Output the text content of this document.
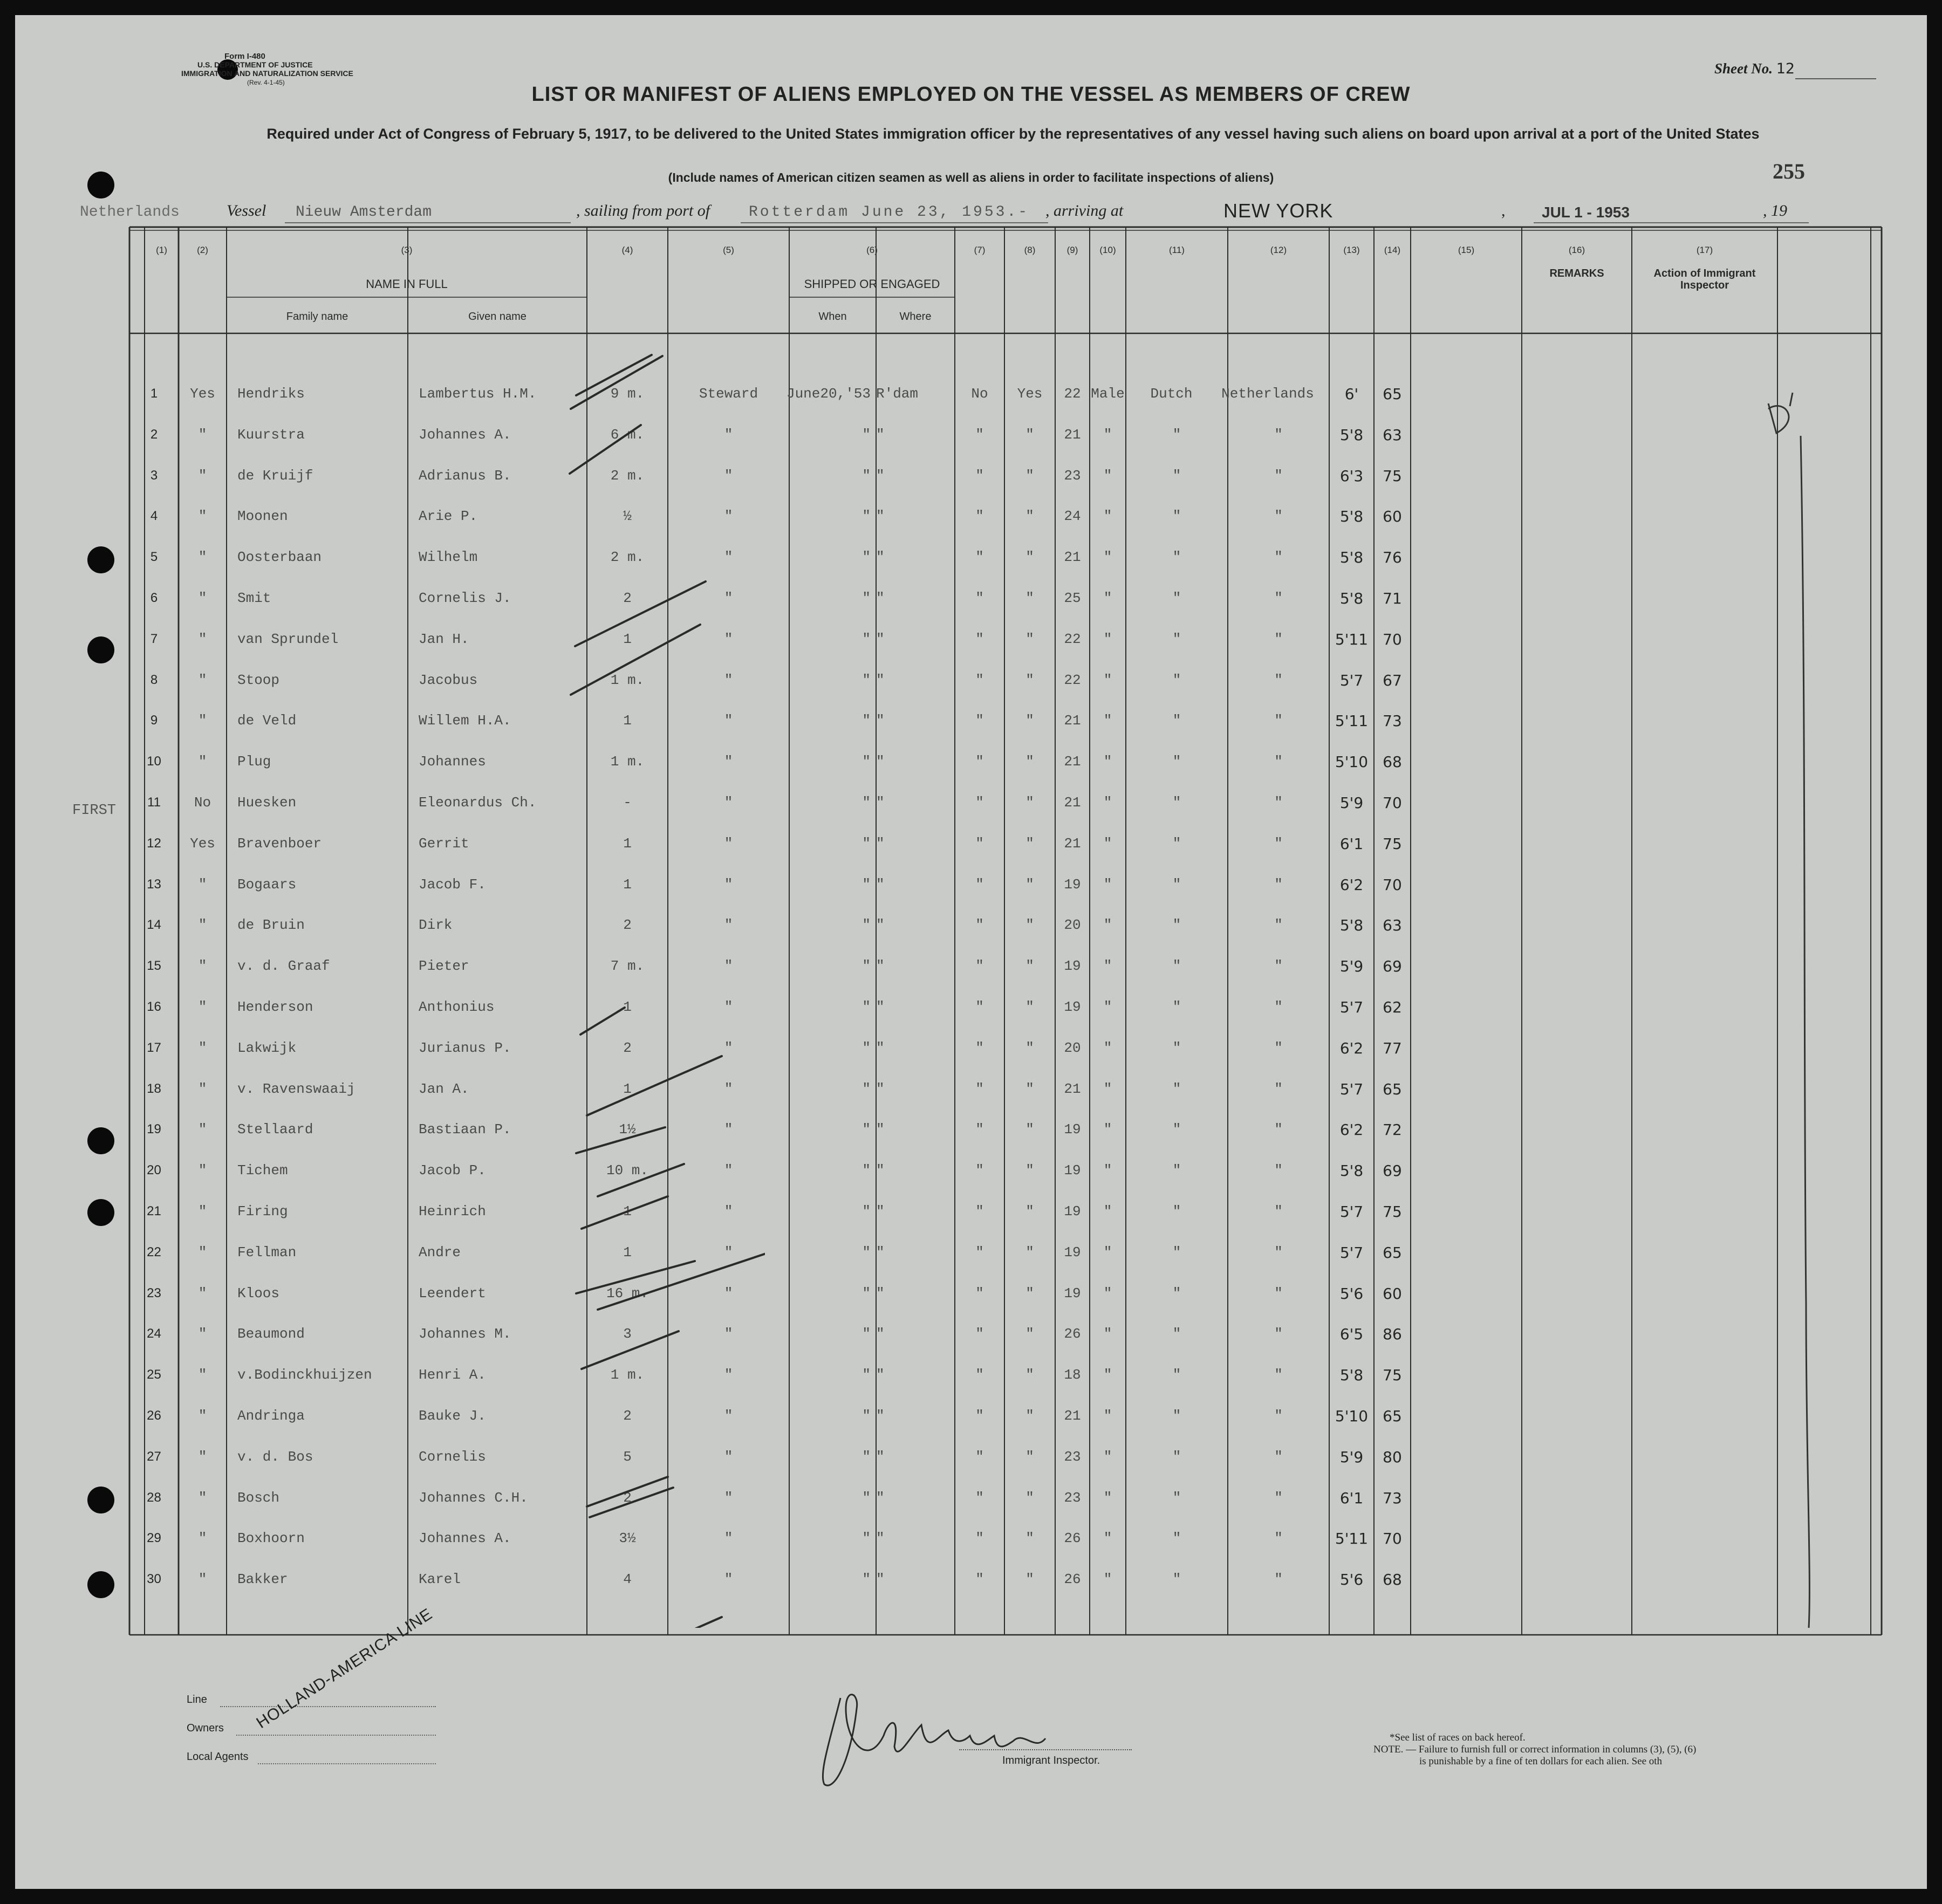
Form I-480
U.S. DEPARTMENT OF JUSTICE
IMMIGRATION AND NATURALIZATION SERVICE
(Rev. 4-1-45)
Sheet No. 12
LIST OR MANIFEST OF ALIENS EMPLOYED ON THE VESSEL AS MEMBERS OF CREW
Required under Act of Congress of February 5, 1917, to be delivered to the United States immigration officer by the representatives of any vessel having such aliens on board upon arrival at a port of the United States
(Include names of American citizen seamen as well as aliens in order to facilitate inspections of aliens)	255
Netherlands	Vessel Nieuw Amsterdam	, sailing from port of	Rotterdam June 23, 1953.- , arriving at	NEW YORK	, JUL 1 - 1953	, 19
(1)	(2)	(3)
NAME IN FULL
(4)	(5)	(6)
SHIPPED OR ENGAGED
(7)	(8)	(9)	(10)	(11)	(12)	(13)	(14)	(15)	(16)
REMARKS
(17)
Action of Immigrant Inspector
Family name	Given name	When	Where
1	Yes	Hendriks	Lambertus H.M.	9 m.	Steward	June20,'53 R'dam	No	Yes	22 Male	Dutch	Netherlands	6'	65
2	"	Kuurstra	Johannes A.	6 m.	"	" "	"	"	21	"	"	"	5'8	63
3	"	de Kruijf	Adrianus B.	2 m.	"	" "	"	"	23	"	"	"	6'3	75
4	"	Moonen	Arie P.	½	"	" "	"	"	24	"	"	"	5'8	60
5	"	Oosterbaan	Wilhelm	2 m.	"	" "	"	"	21	"	"	"	5'8	76
6	"	Smit	Cornelis J.	2	"	" "	"	"	25	"	"	"	5'8	71
7	"	van Sprundel	Jan H.	1	"	" "	"	"	22	"	"	"	5'11 70
8	"	Stoop	Jacobus	1 m.	"	" "	"	"	22	"	"	"	5'7	67
9	"	de Veld	Willem H.A.	1	"	" "	"	"	21	"	"	"	5'11 73
10	"	Plug	Johannes	1 m.	"	" "	"	"	21	"	"	"	5'10 68
11	No	Huesken	Eleonardus Ch.	-	"	" "	"	"	21	"	"	"	5'9	70
12	Yes	Bravenboer	Gerrit	1	"	" "	"	"	21	"	"	"	6'1	75
13	"	Bogaars	Jacob F.	1	"	" "	"	"	19	"	"	"	6'2	70
14	"	de Bruin	Dirk	2	"	" "	"	"	20	"	"	"	5'8	63
15	"	v. d. Graaf	Pieter	7 m.	"	" "	"	"	19	"	"	"	5'9	69
16	"	Henderson	Anthonius	1	"	" "	"	"	19	"	"	"	5'7	62
17	"	Lakwijk	Jurianus P.	2	"	" "	"	"	20	"	"	"	6'2	77
18	"	v. Ravenswaaij	Jan A.	1	"	" "	"	"	21	"	"	"	5'7	65
19	"	Stellaard	Bastiaan P.	1½	"	" "	"	"	19	"	"	"	6'2	72
20	"	Tichem	Jacob P.	10 m.	"	" "	"	"	19	"	"	"	5'8	69
21	"	Firing	Heinrich	1	"	" "	"	"	19	"	"	"	5'7	75
22	"	Fellman	Andre	1	"	" "	"	"	19	"	"	"	5'7	65
23	"	Kloos	Leendert	16 m.	"	" "	"	"	19	"	"	"	5'6	60
24	"	Beaumond	Johannes M.	3	"	" "	"	"	26	"	"	"	6'5	86
25	"	v.Bodinckhuijzen	Henri A.	1 m.	"	" "	"	"	18	"	"	"	5'8	75
26	"	Andringa	Bauke J.	2	"	" "	"	"	21	"	"	"	5'10 65
27	"	v. d. Bos	Cornelis	5	"	" "	"	"	23	"	"	"	5'9	80
28	"	Bosch	Johannes C.H.	2	"	" "	"	"	23	"	"	"	6'1	73
29	"	Boxhoorn	Johannes A.	3½	"	" "	"	"	26	"	"	"	5'11 70
30	"	Bakker	Karel	4	"	" "	"	"	26	"	"	"	5'6	68
FIRST
Line
Owners
Local Agents
HOLLAND-AMERICA LINE
Immigrant Inspector.
*See list of races on back hereof.
NOTE. — Failure to furnish full or correct information in columns (3), (5), (6)
is punishable by a fine of ten dollars for each alien. See oth
